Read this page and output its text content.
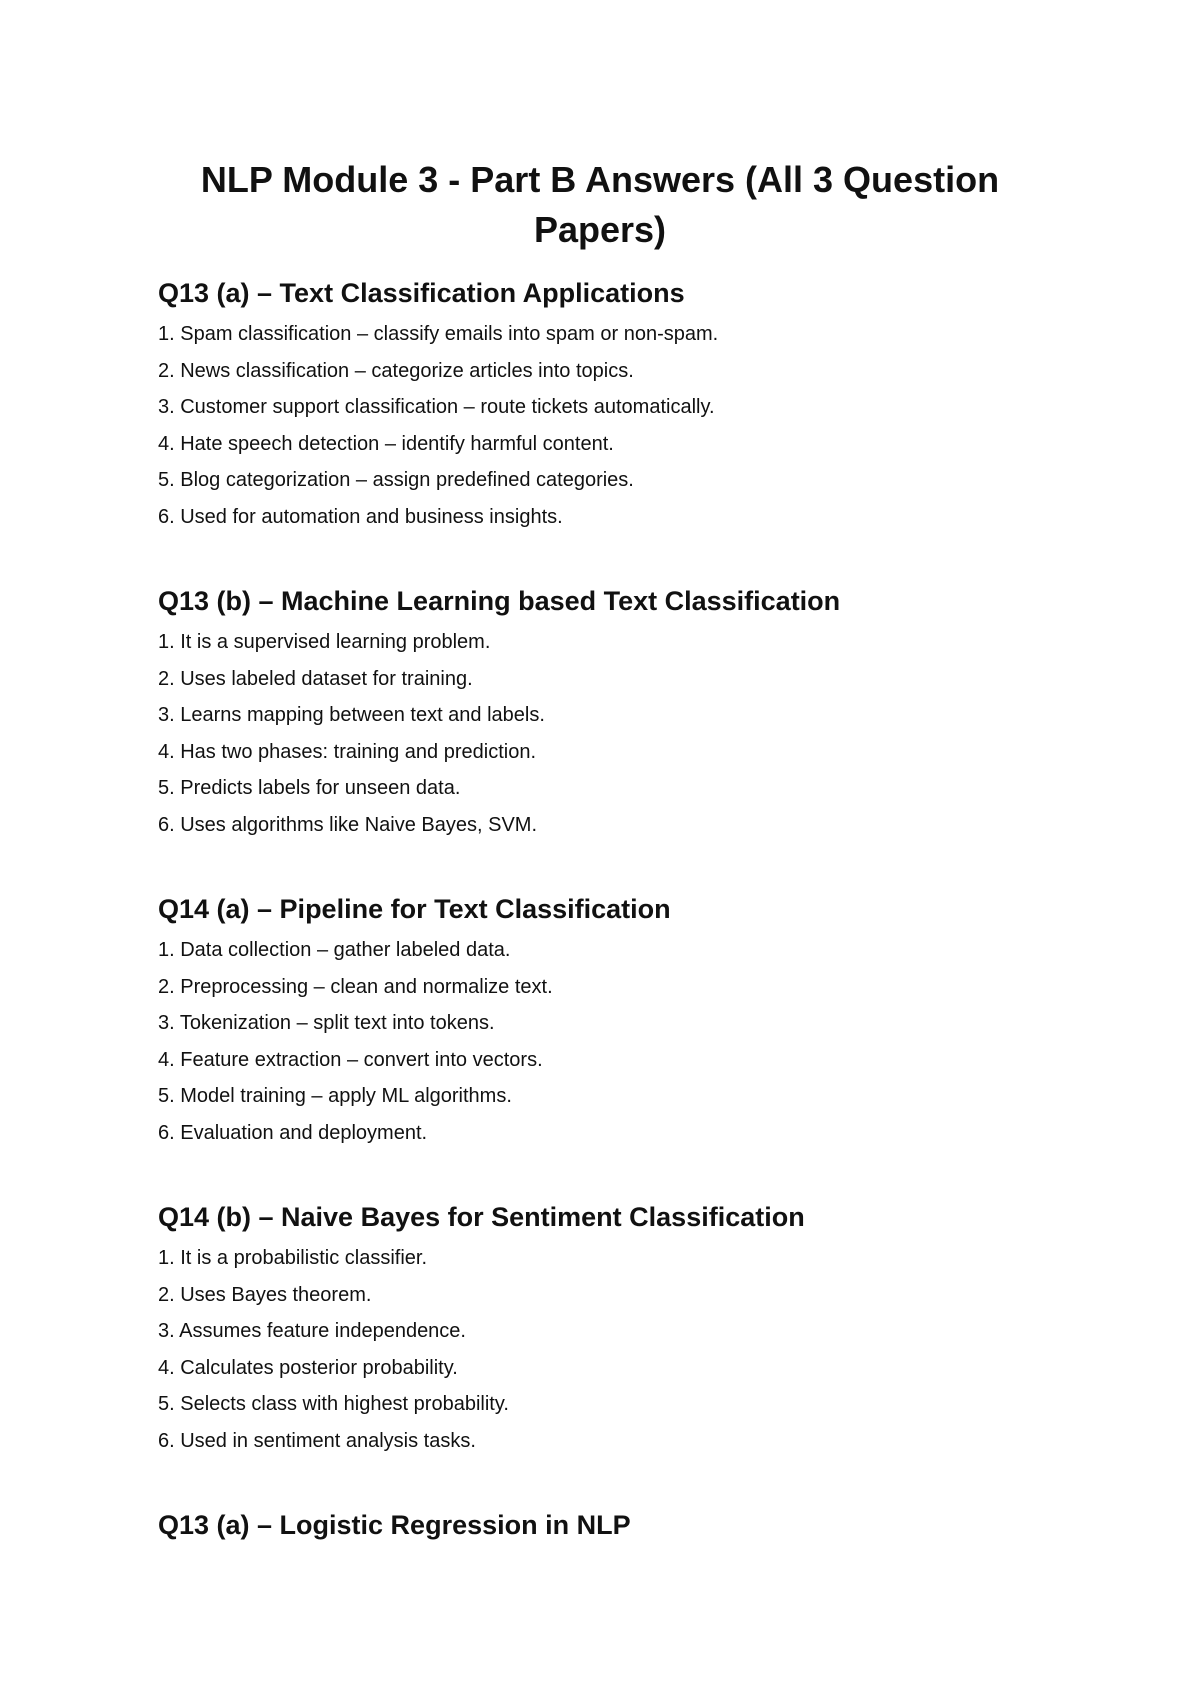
NLP Module 3 - Part B Answers (All 3 Question Papers)
Q13 (a) – Text Classification Applications
1. Spam classification – classify emails into spam or non-spam.
2. News classification – categorize articles into topics.
3. Customer support classification – route tickets automatically.
4. Hate speech detection – identify harmful content.
5. Blog categorization – assign predefined categories.
6. Used for automation and business insights.
Q13 (b) – Machine Learning based Text Classification
1. It is a supervised learning problem.
2. Uses labeled dataset for training.
3. Learns mapping between text and labels.
4. Has two phases: training and prediction.
5. Predicts labels for unseen data.
6. Uses algorithms like Naive Bayes, SVM.
Q14 (a) – Pipeline for Text Classification
1. Data collection – gather labeled data.
2. Preprocessing – clean and normalize text.
3. Tokenization – split text into tokens.
4. Feature extraction – convert into vectors.
5. Model training – apply ML algorithms.
6. Evaluation and deployment.
Q14 (b) – Naive Bayes for Sentiment Classification
1. It is a probabilistic classifier.
2. Uses Bayes theorem.
3. Assumes feature independence.
4. Calculates posterior probability.
5. Selects class with highest probability.
6. Used in sentiment analysis tasks.
Q13 (a) – Logistic Regression in NLP
